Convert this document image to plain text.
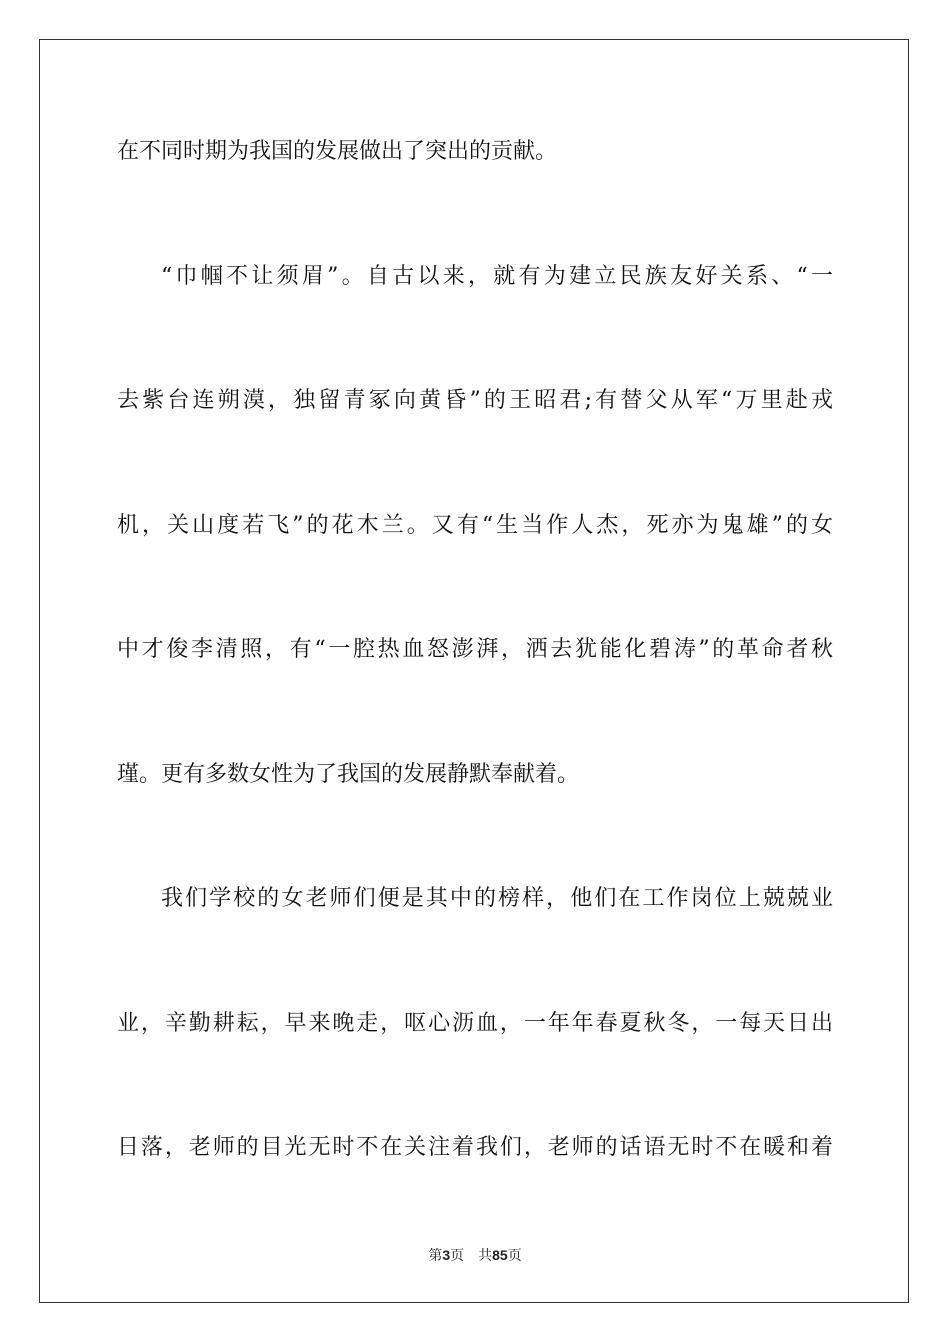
在不同时期为我国的发展做出了突出的贡献。

“巾帼不让须眉”。自古以来，就有为建立民族友好关系、“一

去紫台连朔漠，独留青冢向黄昏”的王昭君;有替父从军“万里赴戎

机，关山度若飞”的花木兰。又有“生当作人杰，死亦为鬼雄”的女

中才俊李清照，有“一腔热血怒澎湃，洒去犹能化碧涛”的革命者秋

瑾。更有多数女性为了我国的发展静默奉献着。

我们学校的女老师们便是其中的榜样，他们在工作岗位上兢兢业

业，辛勤耕耘，早来晚走，呕心沥血，一年年春夏秋冬，一每天日出

日落，老师的目光无时不在关注着我们，老师的话语无时不在暖和着

第3页 共85页
